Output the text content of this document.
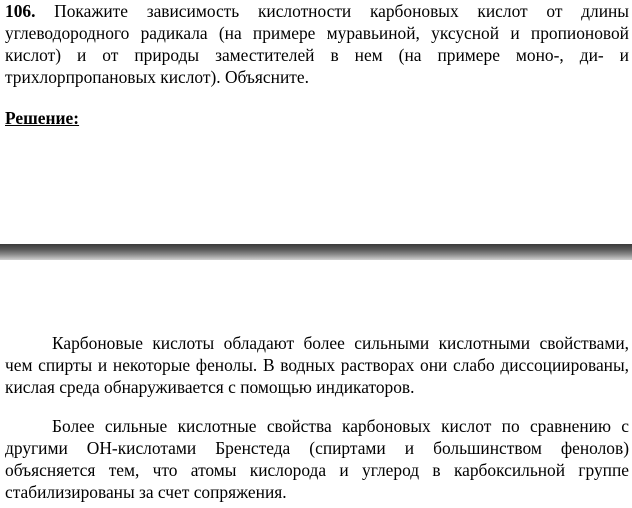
106. Покажите зависимость кислотности карбоновых кислот от длины углеводородного радикала (на примере муравьиной, уксусной и пропионовой кислот) и от природы заместителей в нем (на примере моно-, ди- и трихлорпропановых кислот). Объясните.

Решение:

Карбоновые кислоты обладают более сильными кислотными свойствами, чем спирты и некоторые фенолы. В водных растворах они слабо диссоциированы, кислая среда обнаруживается с помощью индикаторов.

Более сильные кислотные свойства карбоновых кислот по сравнению с другими OH-кислотами Бренстеда (спиртами и большинством фенолов) объясняется тем, что атомы кислорода и углерод в карбоксильной группе стабилизированы за счет сопряжения.
